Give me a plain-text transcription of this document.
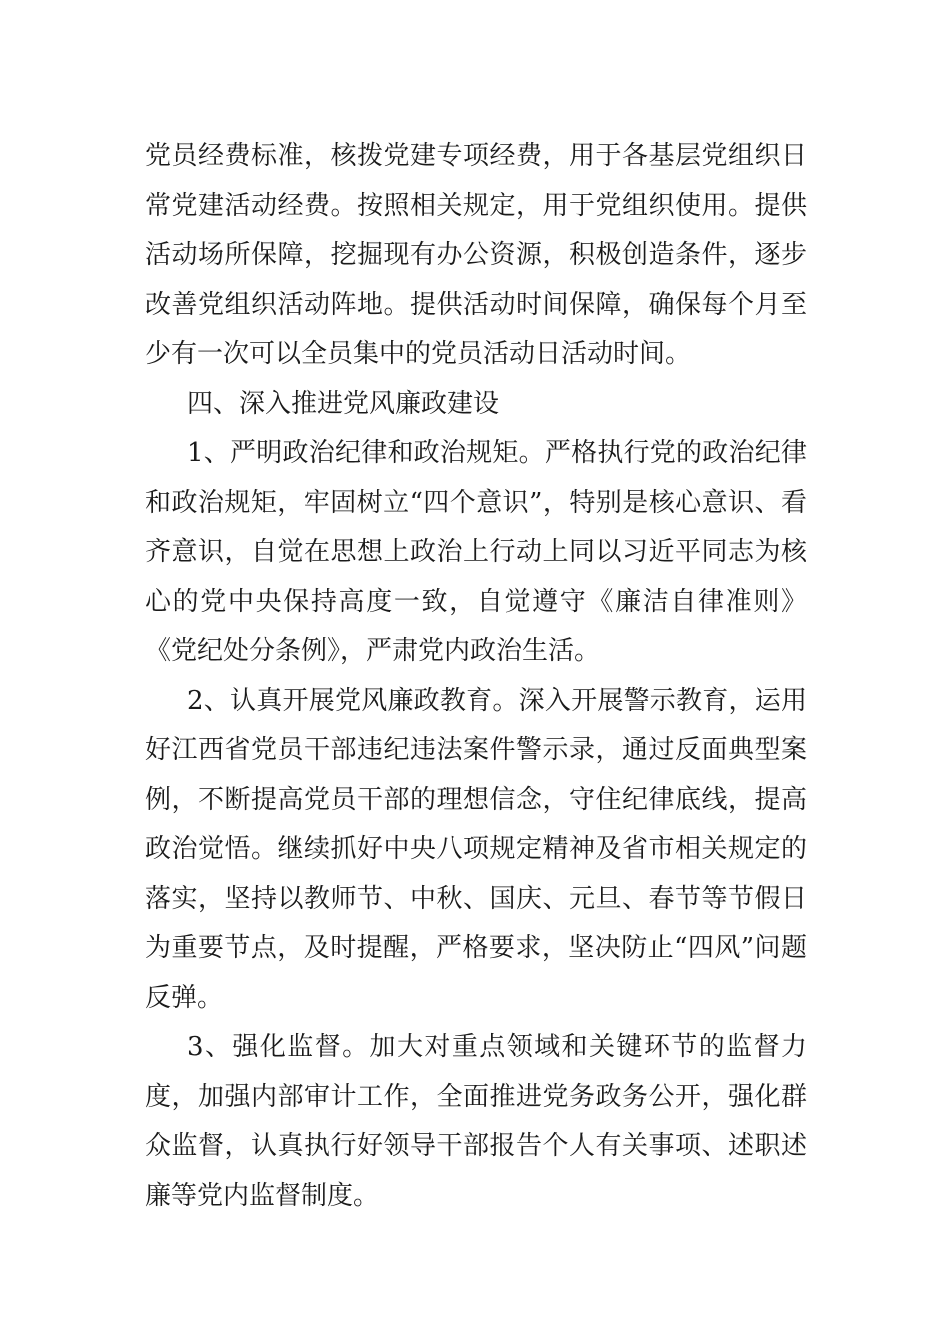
党员经费标准，核拨党建专项经费，用于各基层党组织日常党建活动经费。按照相关规定，用于党组织使用。提供活动场所保障，挖掘现有办公资源，积极创造条件，逐步改善党组织活动阵地。提供活动时间保障，确保每个月至少有一次可以全员集中的党员活动日活动时间。

四、深入推进党风廉政建设

1、严明政治纪律和政治规矩。严格执行党的政治纪律和政治规矩，牢固树立“四个意识”，特别是核心意识、看齐意识，自觉在思想上政治上行动上同以习近平同志为核心的党中央保持高度一致，自觉遵守《廉洁自律准则》《党纪处分条例》，严肃党内政治生活。

2、认真开展党风廉政教育。深入开展警示教育，运用好江西省党员干部违纪违法案件警示录，通过反面典型案例，不断提高党员干部的理想信念，守住纪律底线，提高政治觉悟。继续抓好中央八项规定精神及省市相关规定的落实，坚持以教师节、中秋、国庆、元旦、春节等节假日为重要节点，及时提醒，严格要求，坚决防止“四风”问题反弹。

3、强化监督。加大对重点领域和关键环节的监督力度，加强内部审计工作，全面推进党务政务公开，强化群众监督，认真执行好领导干部报告个人有关事项、述职述廉等党内监督制度。
